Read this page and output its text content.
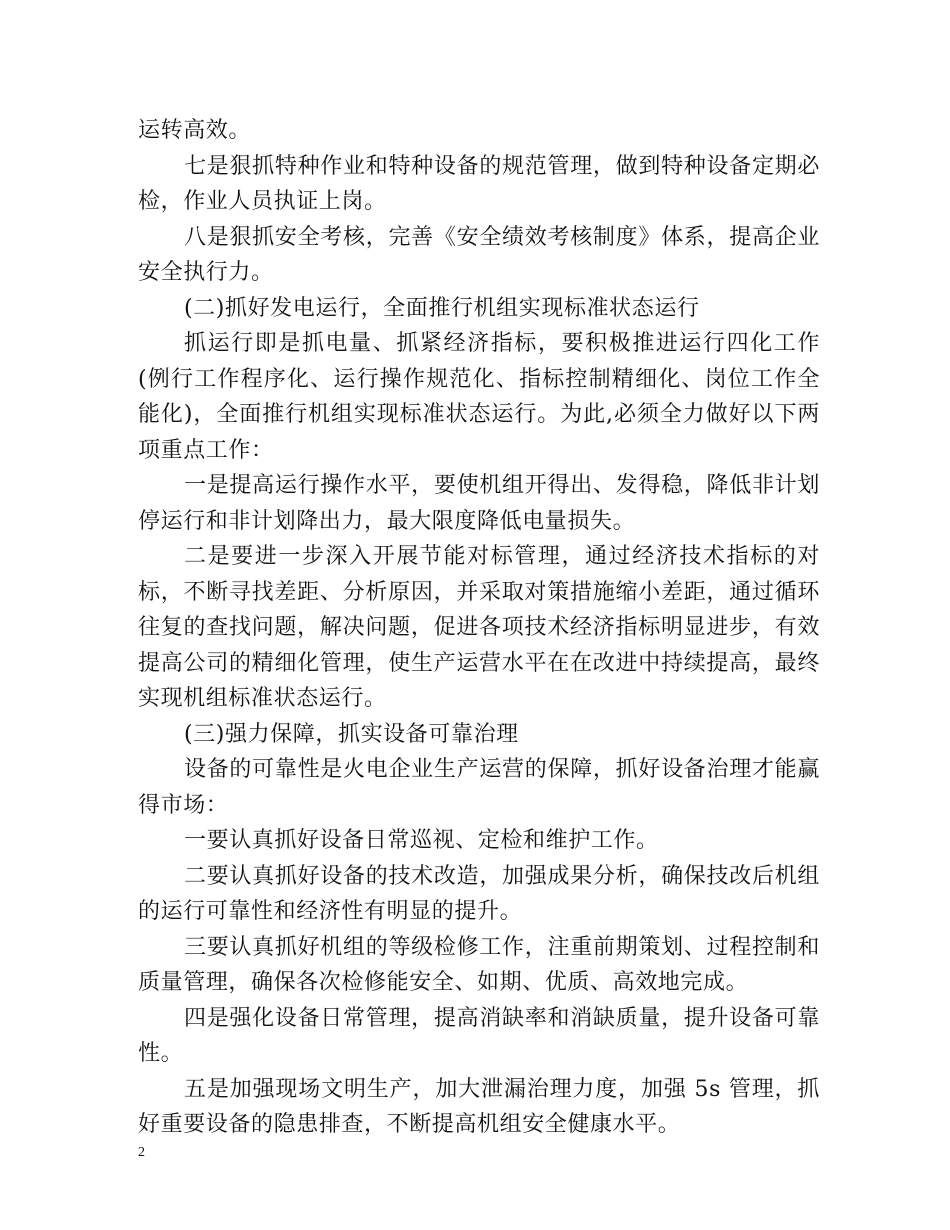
运转高效。

七是狠抓特种作业和特种设备的规范管理，做到特种设备定期必检，作业人员执证上岗。

八是狠抓安全考核，完善《安全绩效考核制度》体系，提高企业安全执行力。

(二)抓好发电运行，全面推行机组实现标准状态运行

抓运行即是抓电量、抓紧经济指标，要积极推进运行四化工作(例行工作程序化、运行操作规范化、指标控制精细化、岗位工作全能化)，全面推行机组实现标准状态运行。为此,必须全力做好以下两项重点工作：

一是提高运行操作水平，要使机组开得出、发得稳，降低非计划停运行和非计划降出力，最大限度降低电量损失。

二是要进一步深入开展节能对标管理，通过经济技术指标的对标，不断寻找差距、分析原因，并采取对策措施缩小差距，通过循环往复的查找问题，解决问题，促进各项技术经济指标明显进步，有效提高公司的精细化管理，使生产运营水平在在改进中持续提高，最终实现机组标准状态运行。

(三)强力保障，抓实设备可靠治理

设备的可靠性是火电企业生产运营的保障，抓好设备治理才能赢得市场：

一要认真抓好设备日常巡视、定检和维护工作。

二要认真抓好设备的技术改造，加强成果分析，确保技改后机组的运行可靠性和经济性有明显的提升。

三要认真抓好机组的等级检修工作，注重前期策划、过程控制和质量管理，确保各次检修能安全、如期、优质、高效地完成。

四是强化设备日常管理，提高消缺率和消缺质量，提升设备可靠性。

五是加强现场文明生产，加大泄漏治理力度，加强 5s 管理，抓好重要设备的隐患排查，不断提高机组安全健康水平。

2
